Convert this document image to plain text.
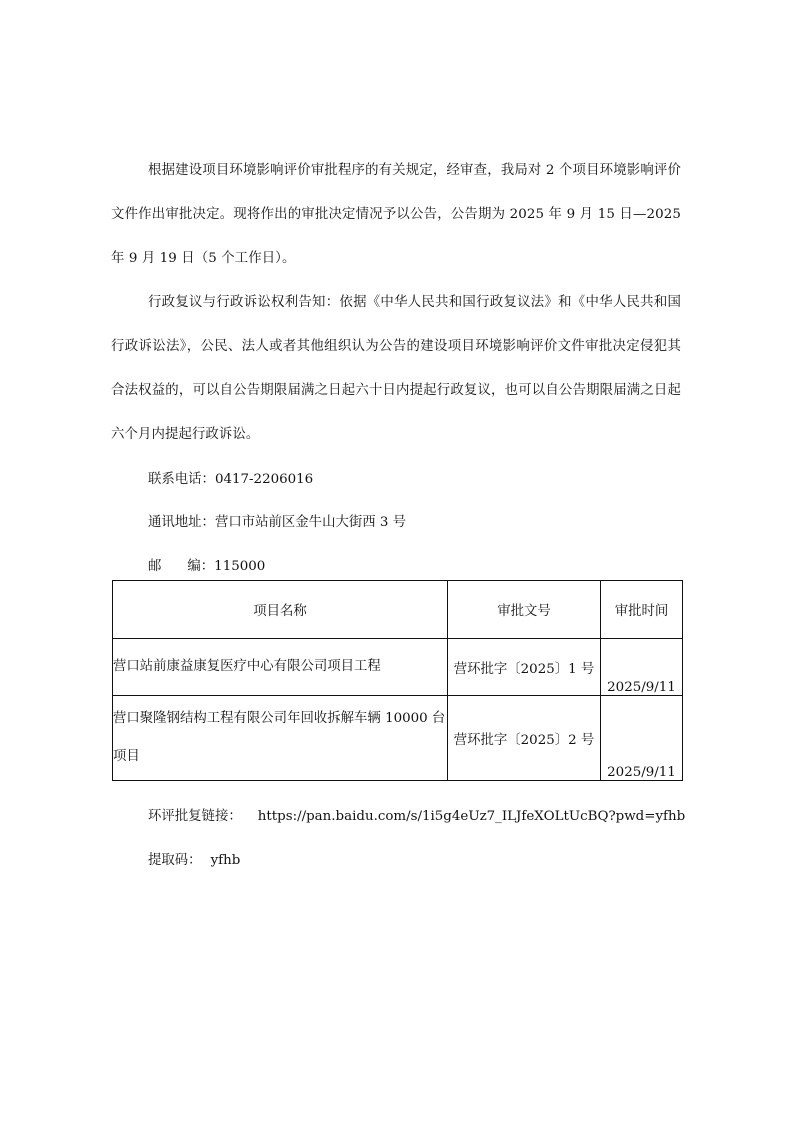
根据建设项目环境影响评价审批程序的有关规定，经审查，我局对 2 个项目环境影响评价文件作出审批决定。现将作出的审批决定情况予以公告，公告期为 2025 年 9 月 15 日—2025 年 9 月 19 日（5 个工作日）。

行政复议与行政诉讼权利告知：依据《中华人民共和国行政复议法》和《中华人民共和国行政诉讼法》，公民、法人或者其他组织认为公告的建设项目环境影响评价文件审批决定侵犯其合法权益的，可以自公告期限届满之日起六十日内提起行政复议，也可以自公告期限届满之日起六个月内提起行政诉讼。

联系电话：0417-2206016

通讯地址：营口市站前区金牛山大街西 3 号

邮 编：115000

项目名称	审批文号	审批时间
营口站前康益康复医疗中心有限公司项目工程	营环批字〔2025〕1 号	2025/9/11
营口聚隆钢结构工程有限公司年回收拆解车辆 10000 台项目	营环批字〔2025〕2 号	2025/9/11

环评批复链接： https://pan.baidu.com/s/1i5g4eUz7_ILJfeXOLtUcBQ?pwd=yfhb

提取码： yfhb
